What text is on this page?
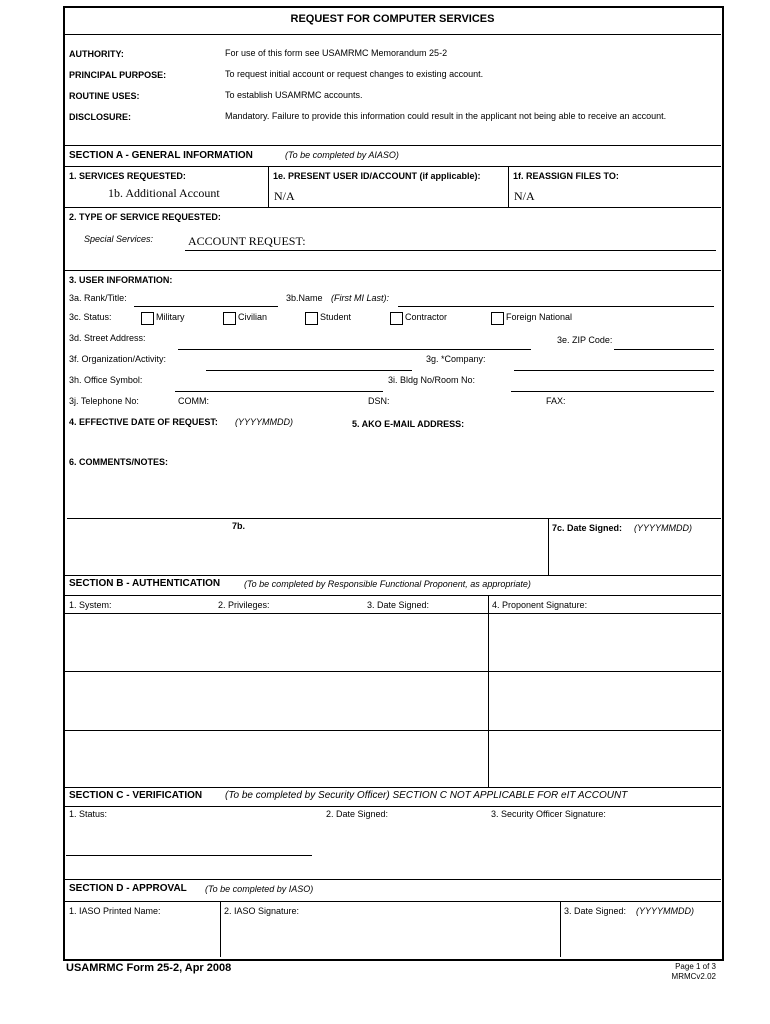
REQUEST FOR COMPUTER SERVICES
AUTHORITY:	For use of this form see USAMRMC Memorandum 25-2
PRINCIPAL PURPOSE:	To request initial account or request changes to existing account.
ROUTINE USES:	To establish USAMRMC accounts.
DISCLOSURE:	Mandatory. Failure to provide this information could result in the applicant not being able to receive an account.
SECTION A - GENERAL INFORMATION	(To be completed by AIASO)
1. SERVICES REQUESTED:
1b. Additional Account
1e. PRESENT USER ID/ACCOUNT (if applicable):
N/A
1f. REASSIGN FILES TO:
N/A
2. TYPE OF SERVICE REQUESTED:
Special Services:	ACCOUNT REQUEST:
3. USER INFORMATION:
3a. Rank/Title:	3b.Name (First MI Last):
3c. Status:	Military	Civilian	Student	Contractor	Foreign National
3d. Street Address:	3e. ZIP Code:
3f. Organization/Activity:	3g. *Company:
3h. Office Symbol:	3i. Bldg No/Room No:
3j. Telephone No:	COMM:	DSN:	FAX:
4. EFFECTIVE DATE OF REQUEST: (YYYYMMDD)	5. AKO E-MAIL ADDRESS:
6. COMMENTS/NOTES:
7b.	7c. Date Signed: (YYYYMMDD)
SECTION B - AUTHENTICATION	(To be completed by Responsible Functional Proponent, as appropriate)
1. System:	2. Privileges:	3. Date Signed:	4. Proponent Signature:
SECTION C - VERIFICATION (To be completed by Security Officer) SECTION C NOT APPLICABLE FOR eIT ACCOUNT
1. Status:	2. Date Signed:	3. Security Officer Signature:
SECTION D - APPROVAL (To be completed by IASO)
1. IASO Printed Name:	2. IASO Signature:	3. Date Signed: (YYYYMMDD)
USAMRMC Form 25-2, Apr 2008	Page 1 of 3
MRMCv2.02
